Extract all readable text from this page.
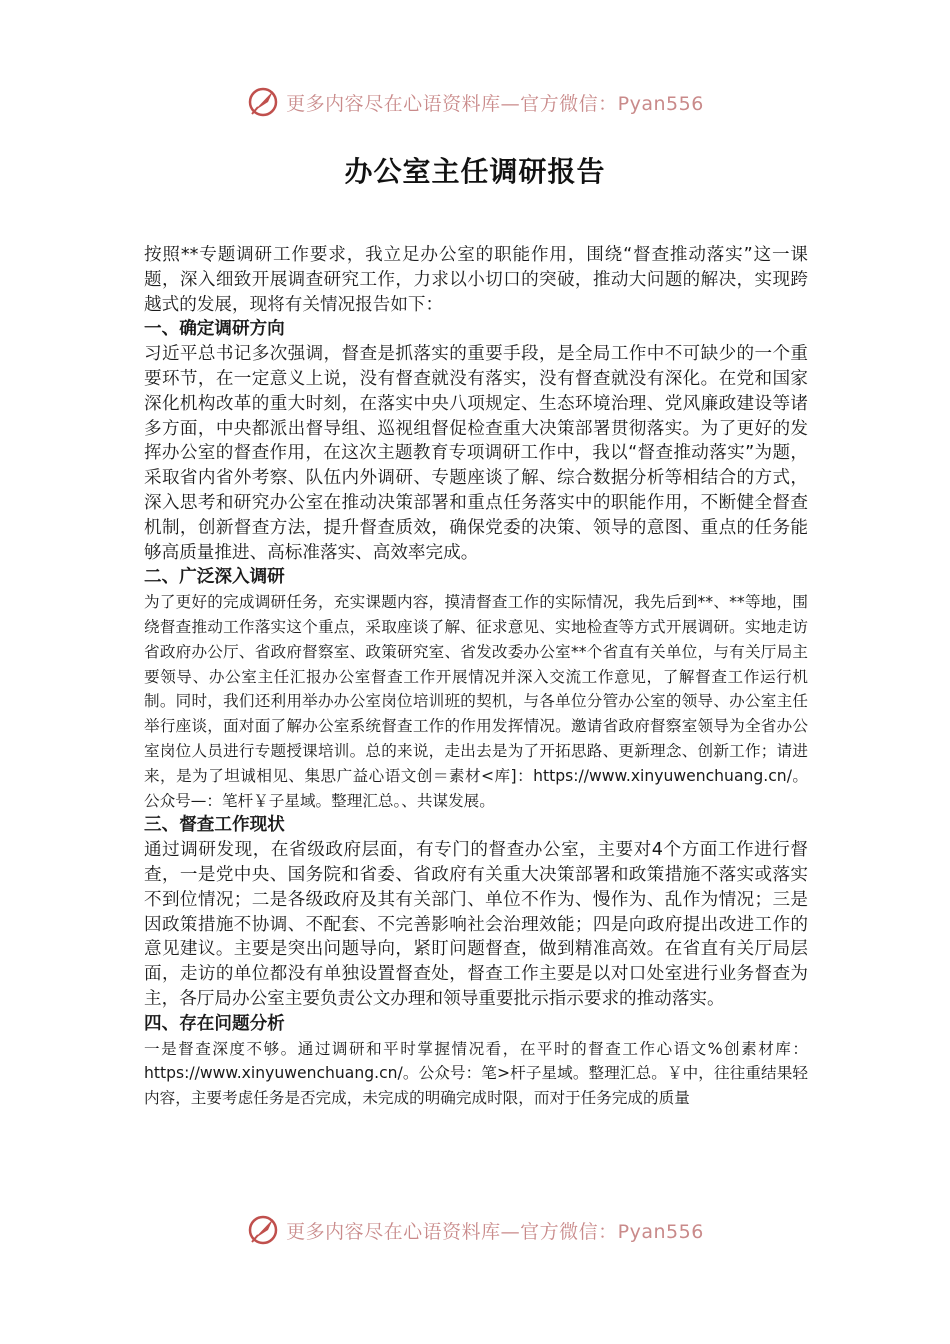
更多内容尽在心语资料库—官方微信：Pyan556
办公室主任调研报告

按照**专题调研工作要求，我立足办公室的职能作用，围绕“督查推动落实”这一课题，深入细致开展调查研究工作，力求以小切口的突破，推动大问题的解决，实现跨越式的发展，现将有关情况报告如下：

一、确定调研方向

习近平总书记多次强调，督查是抓落实的重要手段，是全局工作中不可缺少的一个重要环节，在一定意义上说，没有督查就没有落实，没有督查就没有深化。在党和国家深化机构改革的重大时刻，在落实中央八项规定、生态环境治理、党风廉政建设等诸多方面，中央都派出督导组、巡视组督促检查重大决策部署贯彻落实。为了更好的发挥办公室的督查作用，在这次主题教育专项调研工作中，我以“督查推动落实”为题，采取省内省外考察、队伍内外调研、专题座谈了解、综合数据分析等相结合的方式，深入思考和研究办公室在推动决策部署和重点任务落实中的职能作用，不断健全督查机制，创新督查方法，提升督查质效，确保党委的决策、领导的意图、重点的任务能够高质量推进、高标准落实、高效率完成。

二、广泛深入调研

为了更好的完成调研任务，充实课题内容，摸清督查工作的实际情况，我先后到**、**等地，围绕督查推动工作落实这个重点，采取座谈了解、征求意见、实地检查等方式开展调研。实地走访省政府办公厅、省政府督察室、政策研究室、省发改委办公室**个省直有关单位，与有关厅局主要领导、办公室主任汇报办公室督查工作开展情况并深入交流工作意见，了解督查工作运行机制。同时，我们还利用举办办公室岗位培训班的契机，与各单位分管办公室的领导、办公室主任举行座谈，面对面了解办公室系统督查工作的作用发挥情况。邀请省政府督察室领导为全省办公室岗位人员进行专题授课培训。总的来说，走出去是为了开拓思路、更新理念、创新工作；请进来，是为了坦诚相见、集思广益心语文创＝素材<库]：https://www.xinyuwenchuang.cn/。公众号—：笔杆￥子星域。整理汇总。、共谋发展。

三、督查工作现状

通过调研发现，在省级政府层面，有专门的督查办公室，主要对4个方面工作进行督查，一是党中央、国务院和省委、省政府有关重大决策部署和政策措施不落实或落实不到位情况；二是各级政府及其有关部门、单位不作为、慢作为、乱作为情况；三是因政策措施不协调、不配套、不完善影响社会治理效能；四是向政府提出改进工作的意见建议。主要是突出问题导向，紧盯问题督查，做到精准高效。在省直有关厅局层面，走访的单位都没有单独设置督查处，督查工作主要是以对口处室进行业务督查为主，各厅局办公室主要负责公文办理和领导重要批示指示要求的推动落实。

四、存在问题分析

一是督查深度不够。通过调研和平时掌握情况看，在平时的督查工作心语文%创素材库：https://www.xinyuwenchuang.cn/。公众号：笔>杆子星域。整理汇总。￥中，往往重结果轻内容，主要考虑任务是否完成，未完成的明确完成时限，而对于任务完成的质量

更多内容尽在心语资料库—官方微信：Pyan556
